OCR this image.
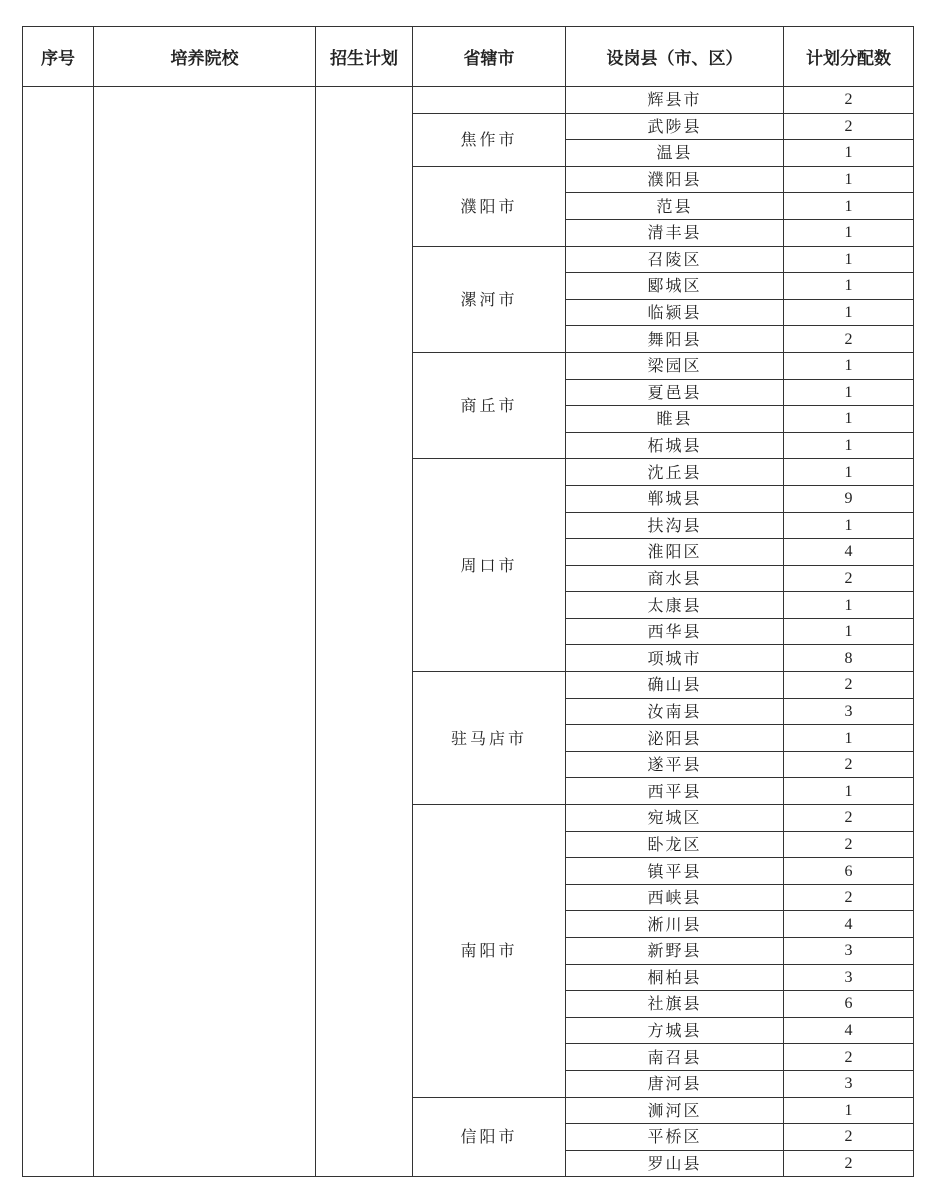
序号	培养院校	招生计划	省辖市	设岗县（市、区）	计划分配数
				辉县市	2
			焦作市	武陟县	2
				温县	1
			濮阳市	濮阳县	1
				范县	1
				清丰县	1
			漯河市	召陵区	1
				郾城区	1
				临颍县	1
				舞阳县	2
			商丘市	梁园区	1
				夏邑县	1
				睢县	1
				柘城县	1
			周口市	沈丘县	1
				郸城县	9
				扶沟县	1
				淮阳区	4
				商水县	2
				太康县	1
				西华县	1
				项城市	8
			驻马店市	确山县	2
				汝南县	3
				泌阳县	1
				遂平县	2
				西平县	1
			南阳市	宛城区	2
				卧龙区	2
				镇平县	6
				西峡县	2
				淅川县	4
				新野县	3
				桐柏县	3
				社旗县	6
				方城县	4
				南召县	2
				唐河县	3
			信阳市	浉河区	1
				平桥区	2
				罗山县	2
